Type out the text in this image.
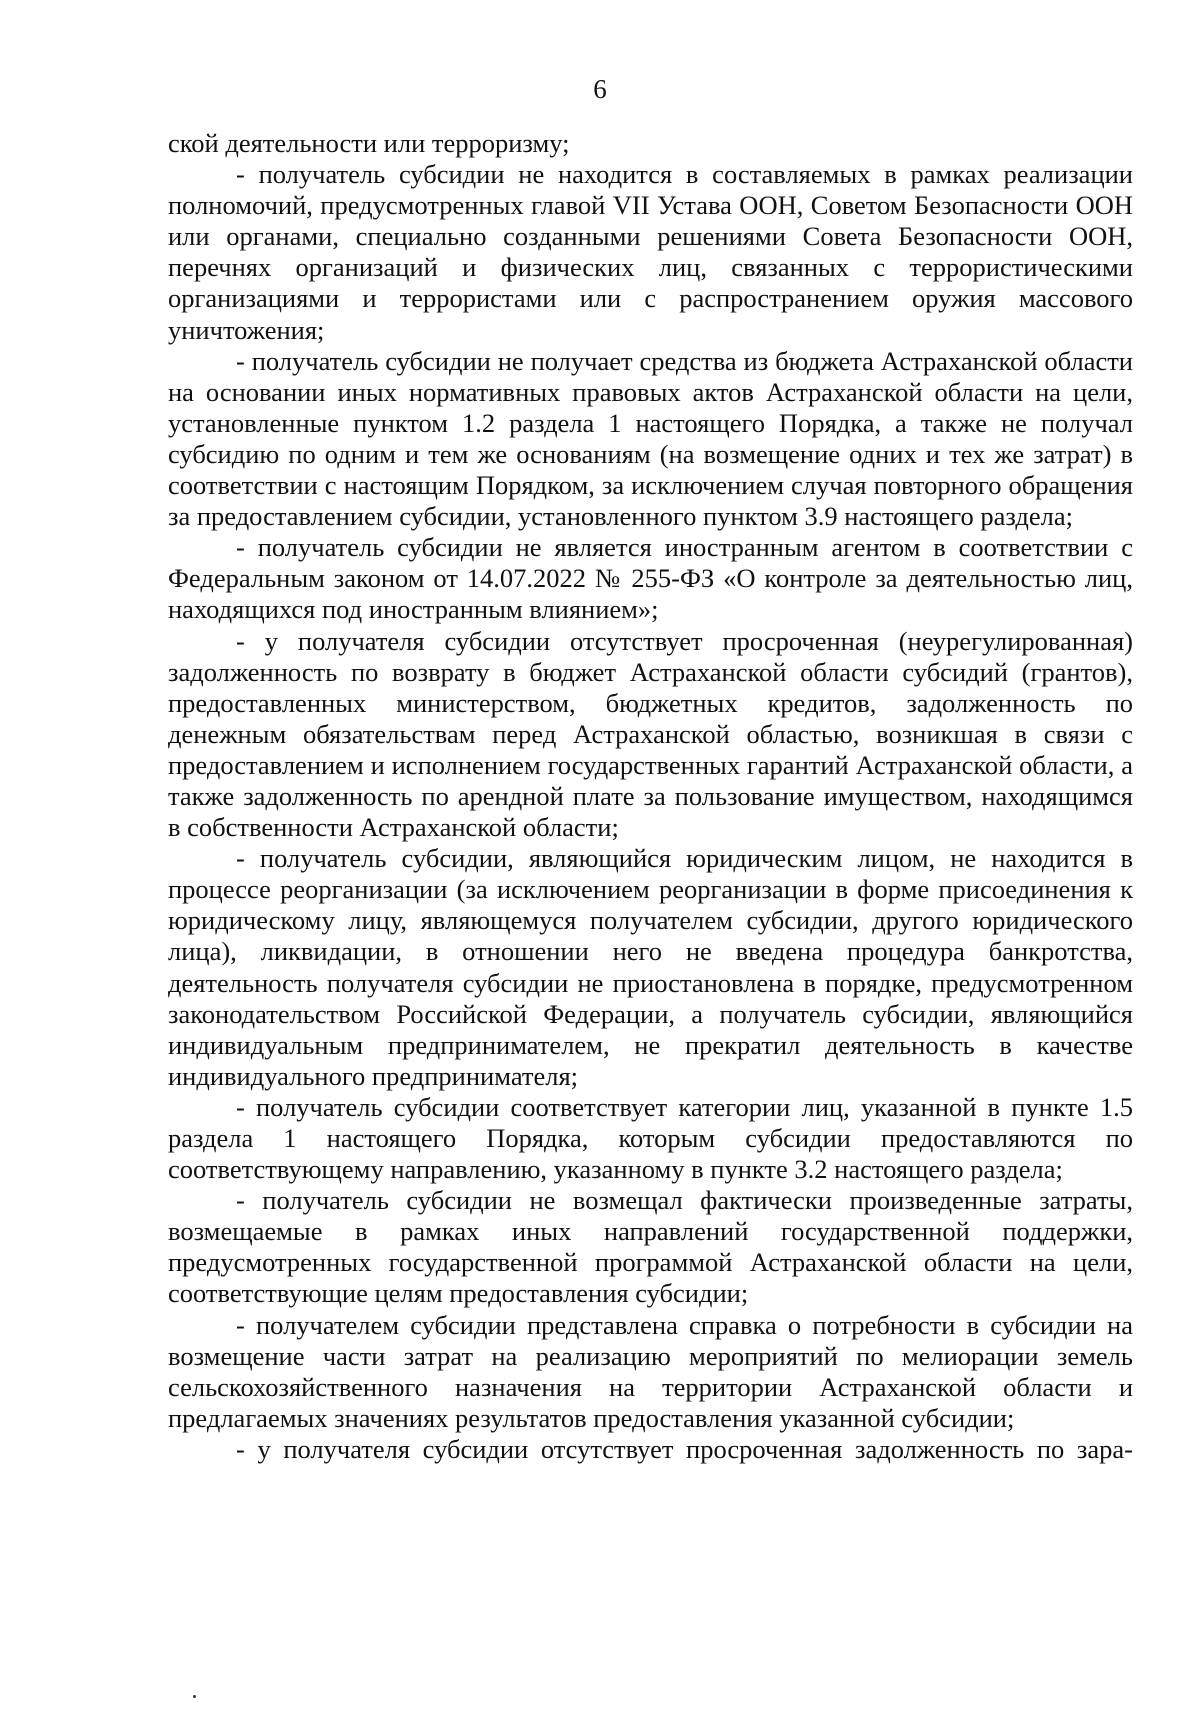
6

ской деятельности или терроризму;

- получатель субсидии не находится в составляемых в рамках реализации полномочий, предусмотренных главой VII Устава ООН, Советом Безопасности ООН или органами, специально созданными решениями Совета Безопасности ООН, перечнях организаций и физических лиц, связанных с террористическими организациями и террористами или с распространением оружия массового уничтожения;

- получатель субсидии не получает средства из бюджета Астраханской области на основании иных нормативных правовых актов Астраханской области на цели, установленные пунктом 1.2 раздела 1 настоящего Порядка, а также не получал субсидию по одним и тем же основаниям (на возмещение одних и тех же затрат) в соответствии с настоящим Порядком, за исключением случая повторного обращения за предоставлением субсидии, установленного пунктом 3.9 настоящего раздела;

- получатель субсидии не является иностранным агентом в соответствии с Федеральным законом от 14.07.2022 № 255-ФЗ «О контроле за деятельностью лиц, находящихся под иностранным влиянием»;

- у получателя субсидии отсутствует просроченная (неурегулированная) задолженность по возврату в бюджет Астраханской области субсидий (грантов), предоставленных министерством, бюджетных кредитов, задолженность по денежным обязательствам перед Астраханской областью, возникшая в связи с предоставлением и исполнением государственных гарантий Астраханской области, а также задолженность по арендной плате за пользование имуществом, находящимся в собственности Астраханской области;

- получатель субсидии, являющийся юридическим лицом, не находится в процессе реорганизации (за исключением реорганизации в форме присоединения к юридическому лицу, являющемуся получателем субсидии, другого юридического лица), ликвидации, в отношении него не введена процедура банкротства, деятельность получателя субсидии не приостановлена в порядке, предусмотренном законодательством Российской Федерации, а получатель субсидии, являющийся индивидуальным предпринимателем, не прекратил деятельность в качестве индивидуального предпринимателя;

- получатель субсидии соответствует категории лиц, указанной в пункте 1.5 раздела 1 настоящего Порядка, которым субсидии предоставляются по соответствующему направлению, указанному в пункте 3.2 настоящего раздела;

- получатель субсидии не возмещал фактически произведенные затраты, возмещаемые в рамках иных направлений государственной поддержки, предусмотренных государственной программой Астраханской области на цели, соответствующие целям предоставления субсидии;

- получателем субсидии представлена справка о потребности в субсидии на возмещение части затрат на реализацию мероприятий по мелиорации земель сельскохозяйственного назначения на территории Астраханской области и предлагаемых значениях результатов предоставления указанной субсидии;

- у получателя субсидии отсутствует просроченная задолженность по зара-
